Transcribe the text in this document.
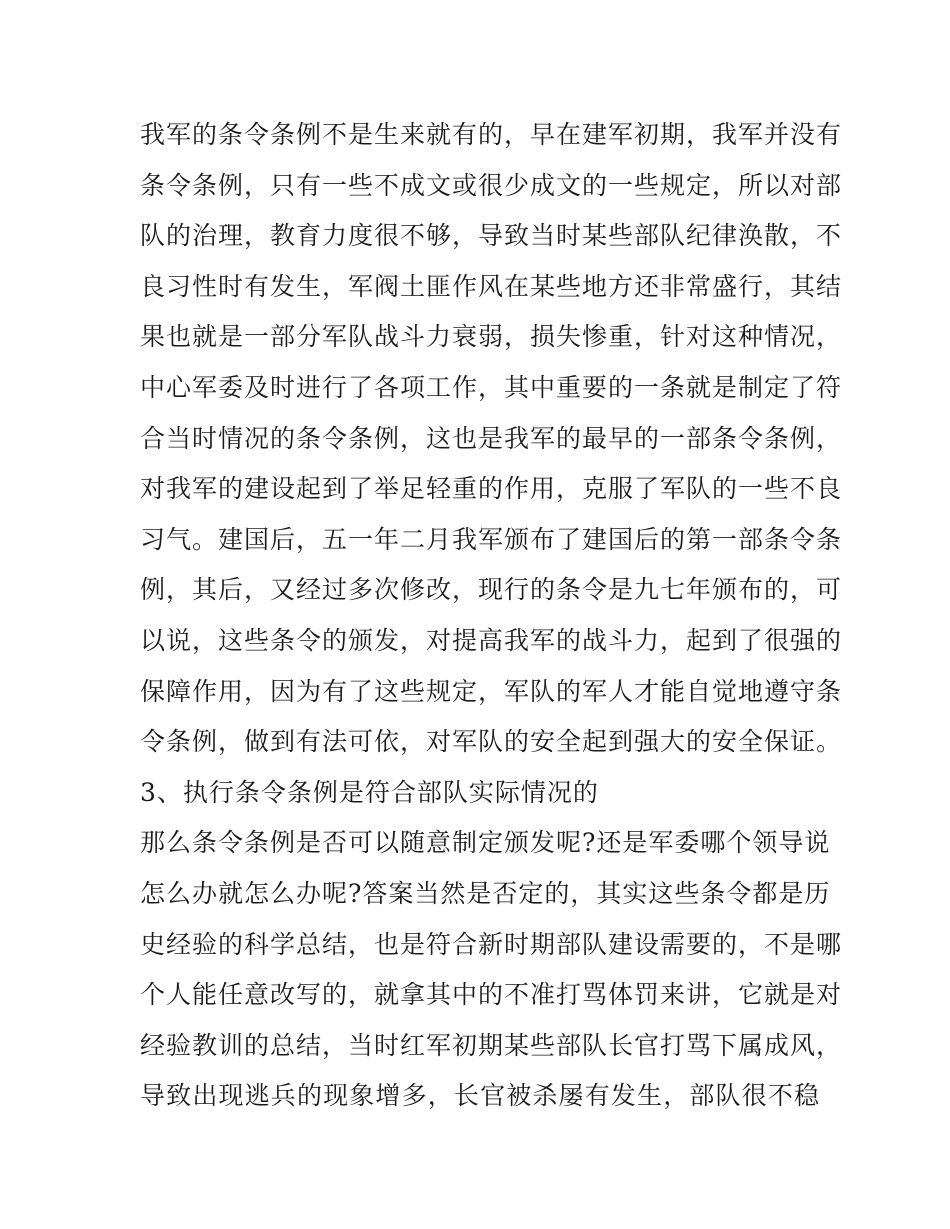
我军的条令条例不是生来就有的，早在建军初期，我军并没有
条令条例，只有一些不成文或很少成文的一些规定，所以对部
队的治理，教育力度很不够，导致当时某些部队纪律涣散，不
良习性时有发生，军阀土匪作风在某些地方还非常盛行，其结
果也就是一部分军队战斗力衰弱，损失惨重，针对这种情况，
中心军委及时进行了各项工作，其中重要的一条就是制定了符
合当时情况的条令条例，这也是我军的最早的一部条令条例，
对我军的建设起到了举足轻重的作用，克服了军队的一些不良
习气。建国后，五一年二月我军颁布了建国后的第一部条令条
例，其后，又经过多次修改，现行的条令是九七年颁布的，可
以说，这些条令的颁发，对提高我军的战斗力，起到了很强的
保障作用，因为有了这些规定，军队的军人才能自觉地遵守条
令条例，做到有法可依，对军队的安全起到强大的安全保证。
3、执行条令条例是符合部队实际情况的
那么条令条例是否可以随意制定颁发呢?还是军委哪个领导说
怎么办就怎么办呢?答案当然是否定的，其实这些条令都是历
史经验的科学总结，也是符合新时期部队建设需要的，不是哪
个人能任意改写的，就拿其中的不准打骂体罚来讲，它就是对
经验教训的总结，当时红军初期某些部队长官打骂下属成风，
导致出现逃兵的现象增多，长官被杀屡有发生，部队很不稳
